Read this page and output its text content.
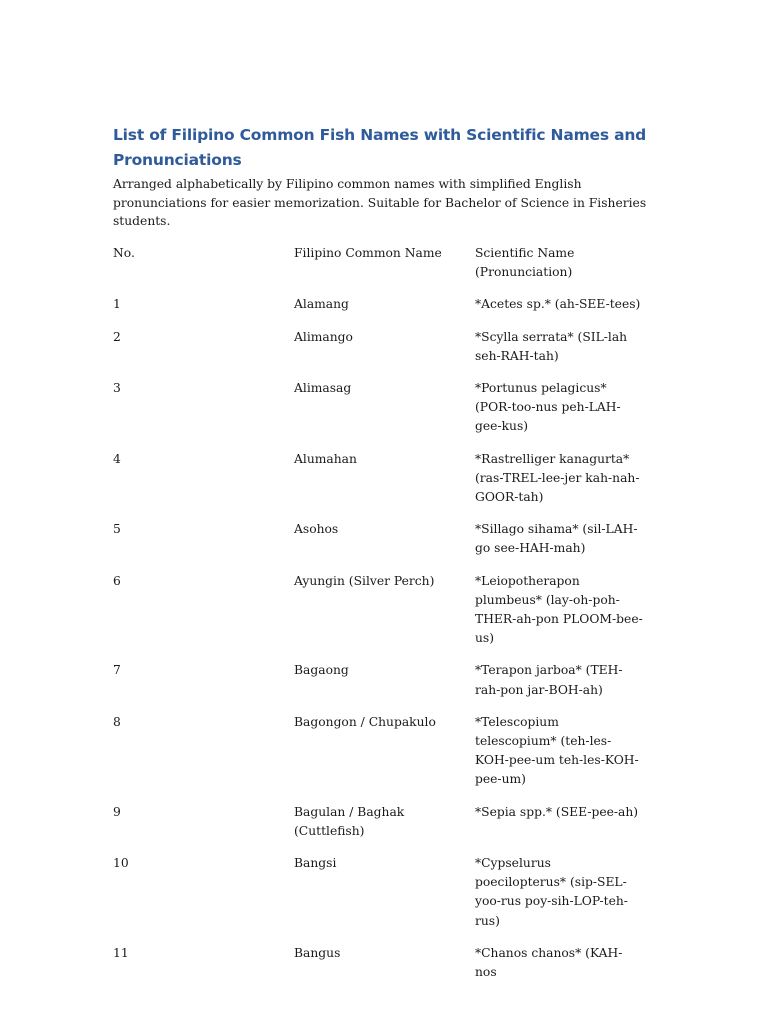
List of Filipino Common Fish Names with Scientific Names and Pronunciations
Arranged alphabetically by Filipino common names with simplified English pronunciations for easier memorization. Suitable for Bachelor of Science in Fisheries students.
No.	Filipino Common Name	Scientific Name (Pronunciation)
1	Alamang	*Acetes sp.* (ah-SEE-tees)
2	Alimango	*Scylla serrata* (SIL-lah seh-RAH-tah)
3	Alimasag	*Portunus pelagicus* (POR-too-nus peh-LAH-gee-kus)
4	Alumahan	*Rastrelliger kanagurta* (ras-TREL-lee-jer kah-nah-GOOR-tah)
5	Asohos	*Sillago sihama* (sil-LAH-go see-HAH-mah)
6	Ayungin (Silver Perch)	*Leiopotherapon plumbeus* (lay-oh-poh-THER-ah-pon PLOOM-bee-us)
7	Bagaong	*Terapon jarboa* (TEH-rah-pon jar-BOH-ah)
8	Bagongon / Chupakulo	*Telescopium telescopium* (teh-les-KOH-pee-um teh-les-KOH-pee-um)
9	Bagulan / Baghak (Cuttlefish)	*Sepia spp.* (SEE-pee-ah)
10	Bangsi	*Cypselurus poecilopterus* (sip-SEL-yoo-rus poy-sih-LOP-teh-rus)
11	Bangus	*Chanos chanos* (KAH-nos
